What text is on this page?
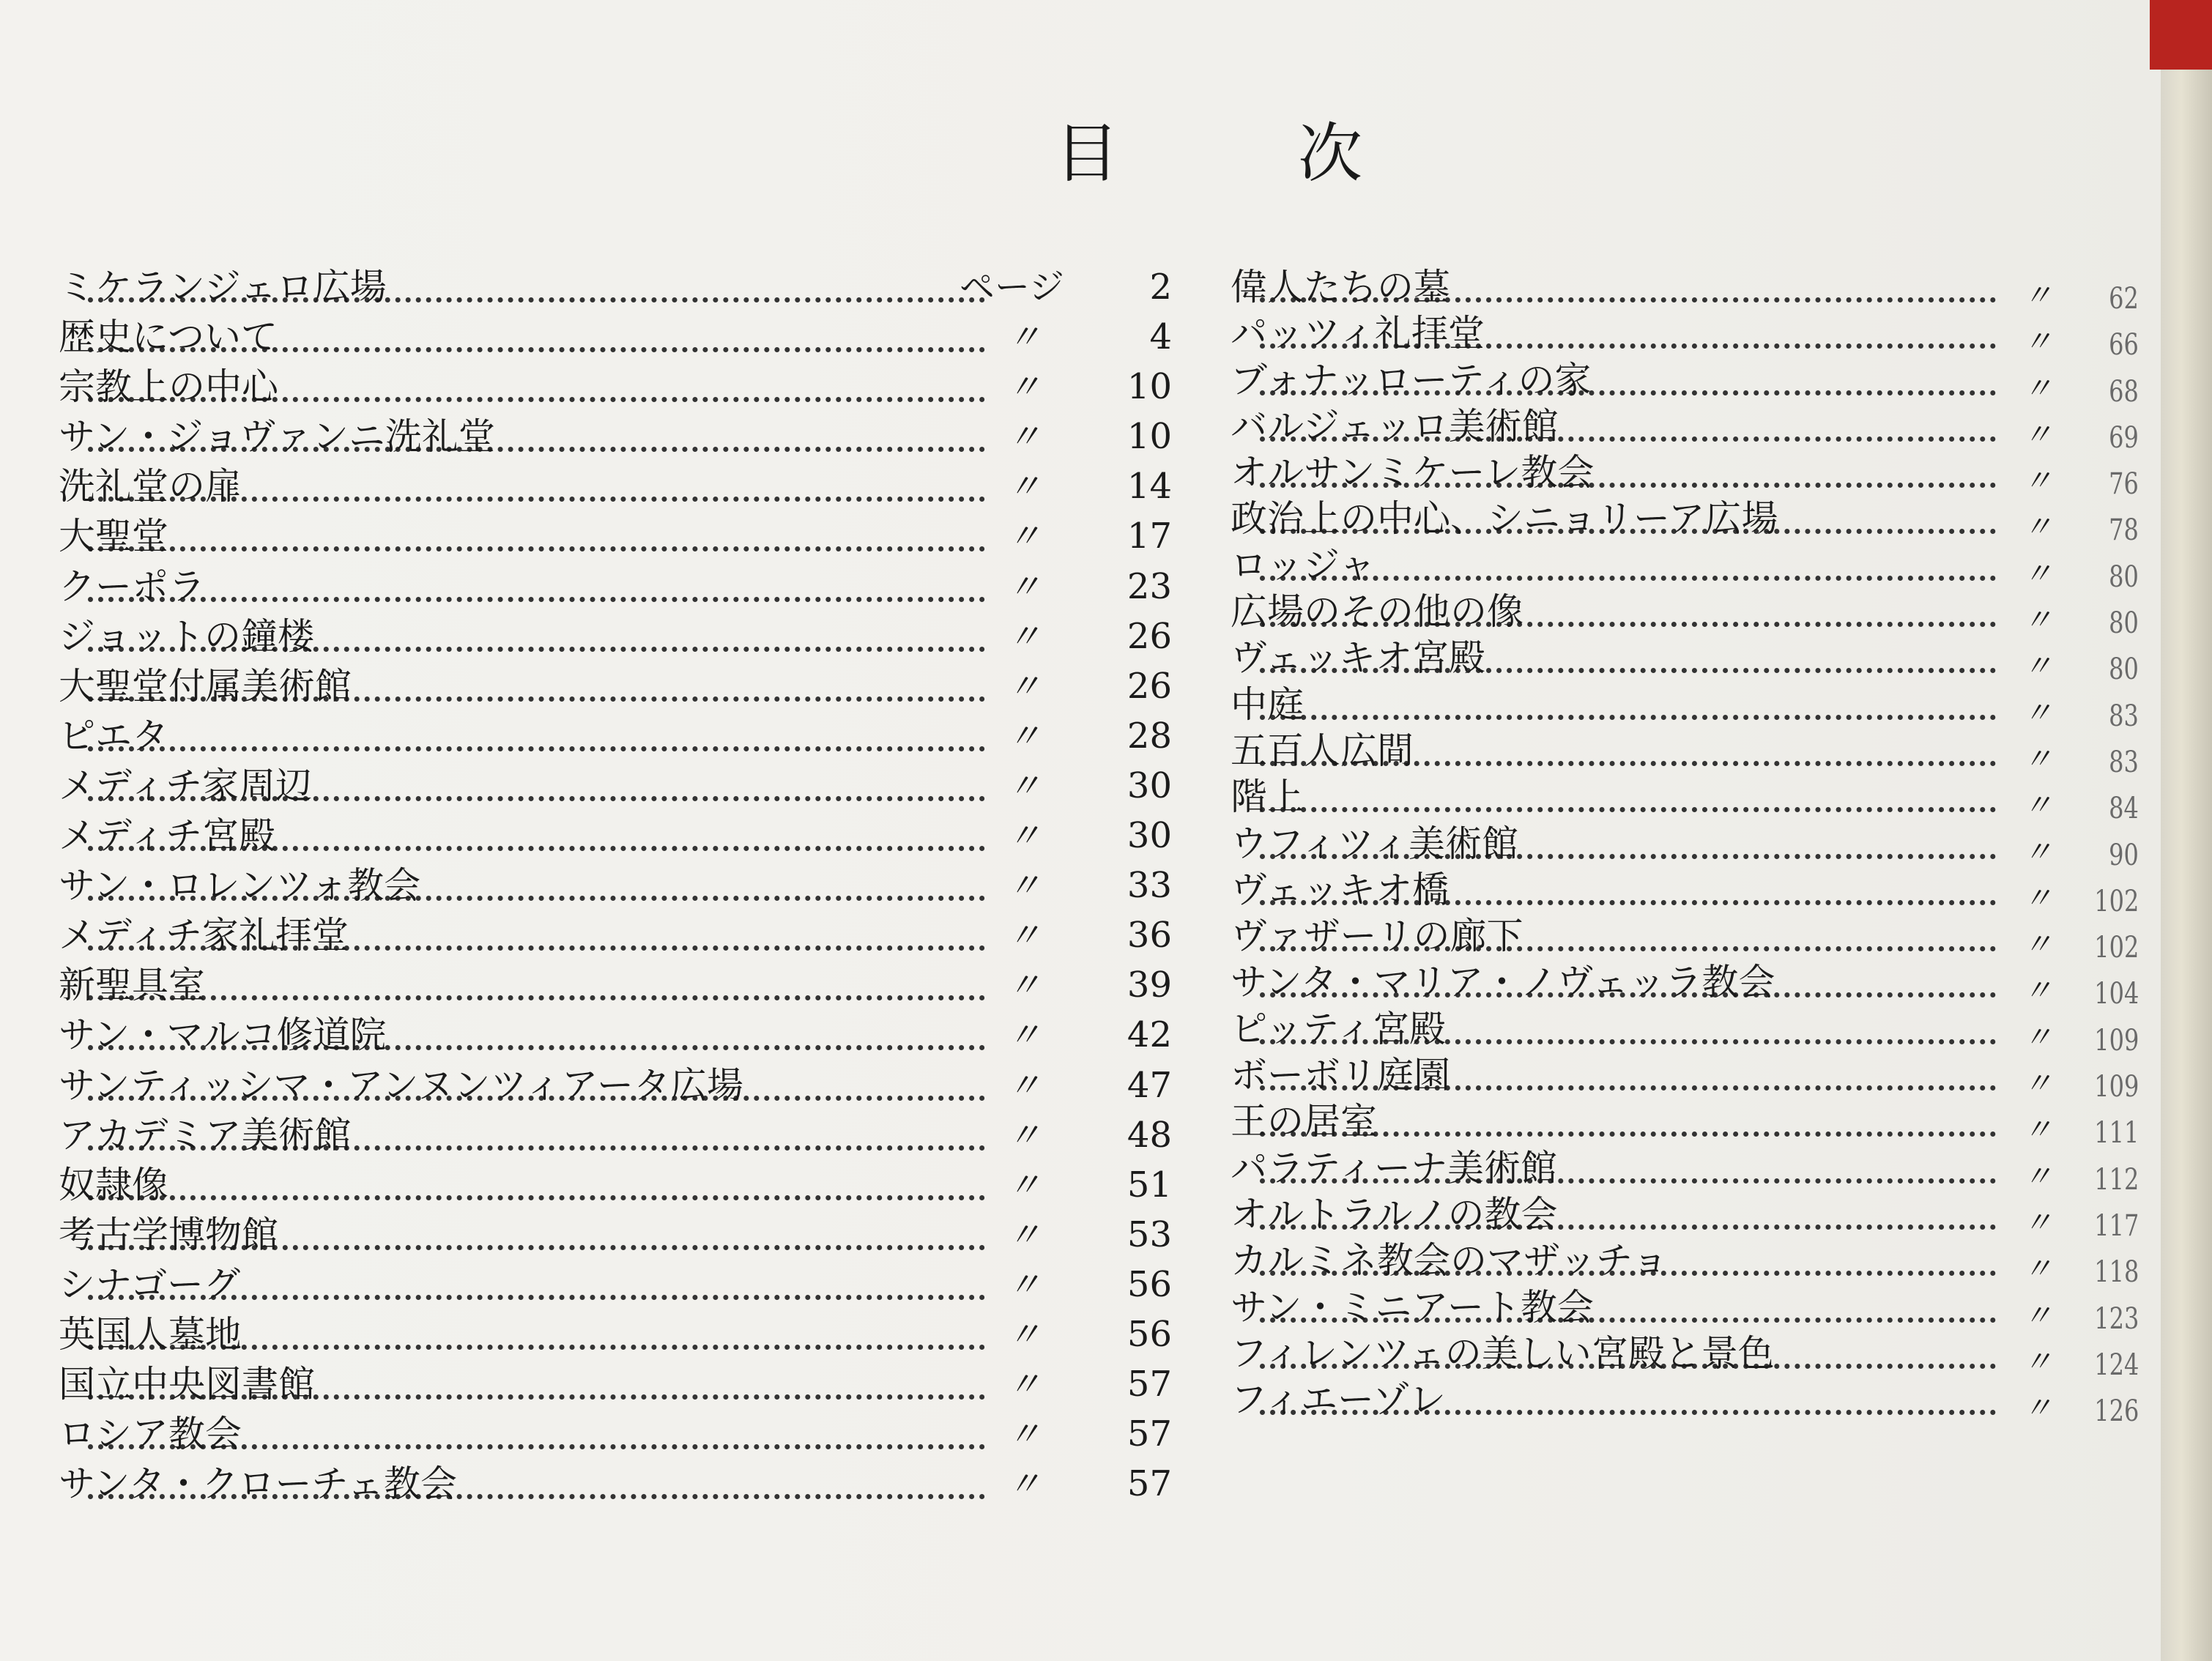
目	次
ミケランジェロ広場	ページ 2
歴史について	〃	4
宗教上の中心	〃 10
サン・ジョヴァンニ洗礼堂	〃 10
洗礼堂の扉	〃 14
大聖堂	〃 17
クーポラ	〃 23
ジョットの鐘楼	〃 26
大聖堂付属美術館	〃 26
ピエタ	〃 28
メディチ家周辺	〃 30
メディチ宮殿	〃 30
サン・ロレンツォ教会	〃 33
メディチ家礼拝堂	〃 36
新聖具室	〃 39
サン・マルコ修道院	〃 42
サンティッシマ・アンヌンツィアータ広場	〃 47
アカデミア美術館	〃 48
奴隷像	〃 51
考古学博物館	〃 53
シナゴーグ	〃 56
英国人墓地	〃 56
国立中央図書館	〃 57
ロシア教会	〃 57
サンタ・クローチェ教会	〃 57
偉人たちの墓	〃 62
パッツィ礼拝堂	〃 66
ブォナッローティの家	〃 68
バルジェッロ美術館	〃 69
オルサンミケーレ教会	〃 76
政治上の中心、シニョリーア広場	〃 78
ロッジャ	〃 80
広場のその他の像	〃 80
ヴェッキオ宮殿	〃 80
中庭	〃 83
五百人広間	〃 83
階上	〃 84
ウフィツィ美術館	〃 90
ヴェッキオ橋	〃 102
ヴァザーリの廊下	〃 102
サンタ・マリア・ノヴェッラ教会	〃 104
ピッティ宮殿	〃 109
ボーボリ庭園	〃 109
王の居室	〃 111
パラティーナ美術館	〃 112
オルトラルノの教会	〃 117
カルミネ教会のマザッチョ	〃 118
サン・ミニアート教会	〃 123
フィレンツェの美しい宮殿と景色	〃 124
フィエーゾレ	〃 126
